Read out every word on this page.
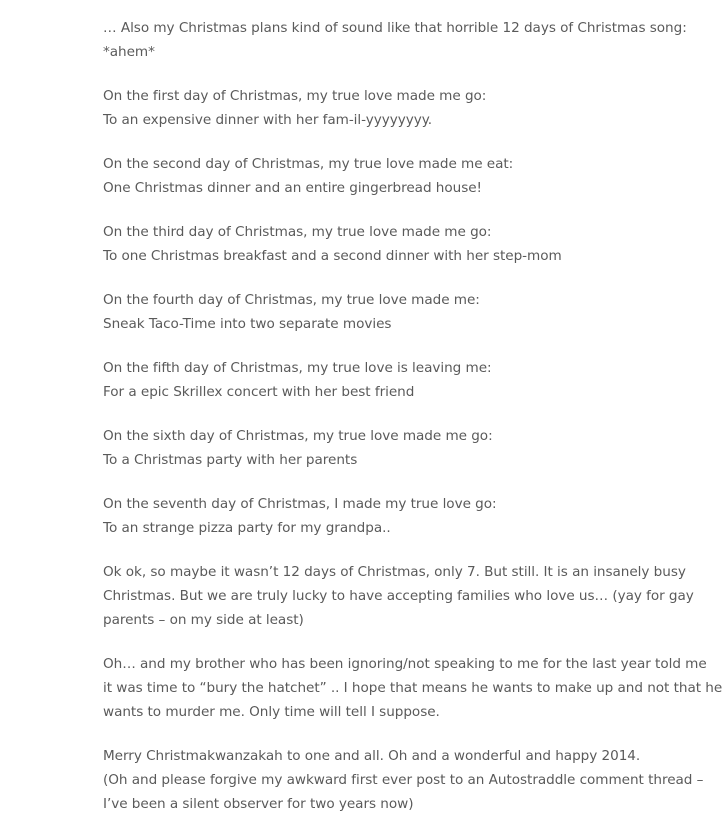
… Also my Christmas plans kind of sound like that horrible 12 days of Christmas song:
*ahem*

On the first day of Christmas, my true love made me go:
To an expensive dinner with her fam-il-yyyyyyyy.

On the second day of Christmas, my true love made me eat:
One Christmas dinner and an entire gingerbread house!

On the third day of Christmas, my true love made me go:
To one Christmas breakfast and a second dinner with her step-mom

On the fourth day of Christmas, my true love made me:
Sneak Taco-Time into two separate movies

On the fifth day of Christmas, my true love is leaving me:
For a epic Skrillex concert with her best friend

On the sixth day of Christmas, my true love made me go:
To a Christmas party with her parents

On the seventh day of Christmas, I made my true love go:
To an strange pizza party for my grandpa..

Ok ok, so maybe it wasn’t 12 days of Christmas, only 7. But still. It is an insanely busy
Christmas. But we are truly lucky to have accepting families who love us… (yay for gay
parents – on my side at least)

Oh… and my brother who has been ignoring/not speaking to me for the last year told me
it was time to “bury the hatchet” .. I hope that means he wants to make up and not that he
wants to murder me. Only time will tell I suppose.

Merry Christmakwanzakah to one and all. Oh and a wonderful and happy 2014.
(Oh and please forgive my awkward first ever post to an Autostraddle comment thread –
I’ve been a silent observer for two years now)
